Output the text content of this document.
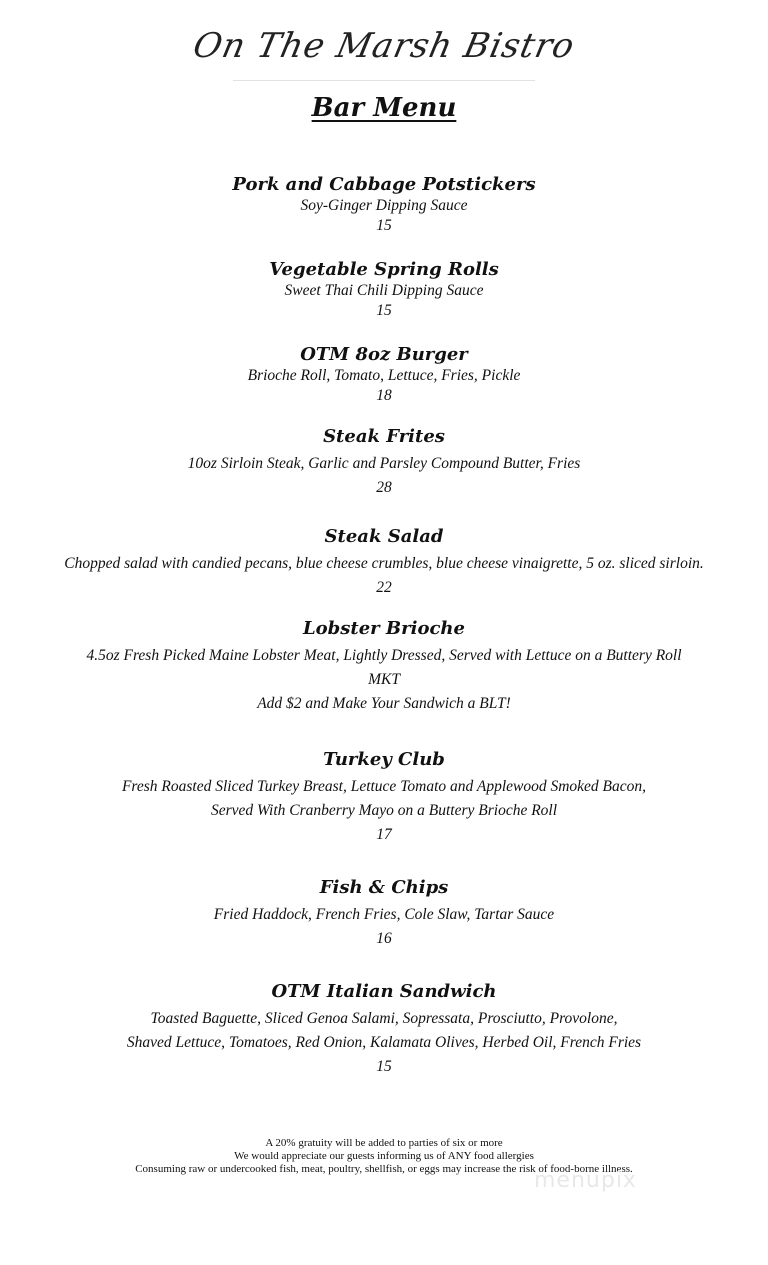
On The Marsh Bistro
Bar Menu
Pork and Cabbage Potstickers
Soy-Ginger Dipping Sauce
15
Vegetable Spring Rolls
Sweet Thai Chili Dipping Sauce
15
OTM 8oz Burger
Brioche Roll, Tomato, Lettuce, Fries, Pickle
18
Steak Frites
10oz Sirloin Steak, Garlic and Parsley Compound Butter, Fries
28
Steak Salad
Chopped salad with candied pecans, blue cheese crumbles, blue cheese vinaigrette, 5 oz. sliced sirloin.
22
Lobster Brioche
4.5oz Fresh Picked Maine Lobster Meat, Lightly Dressed, Served with Lettuce on a Buttery Roll
MKT
Add $2 and Make Your Sandwich a BLT!
Turkey Club
Fresh Roasted Sliced Turkey Breast, Lettuce Tomato and Applewood Smoked Bacon,
Served With Cranberry Mayo on a Buttery Brioche Roll
17
Fish & Chips
Fried Haddock, French Fries, Cole Slaw, Tartar Sauce
16
OTM Italian Sandwich
Toasted Baguette, Sliced Genoa Salami, Sopressata, Prosciutto, Provolone,
Shaved Lettuce, Tomatoes, Red Onion, Kalamata Olives, Herbed Oil, French Fries
15
A 20% gratuity will be added to parties of six or more
We would appreciate our guests informing us of ANY food allergies
Consuming raw or undercooked fish, meat, poultry, shellfish, or eggs may increase the risk of food-borne illness.
menupix
